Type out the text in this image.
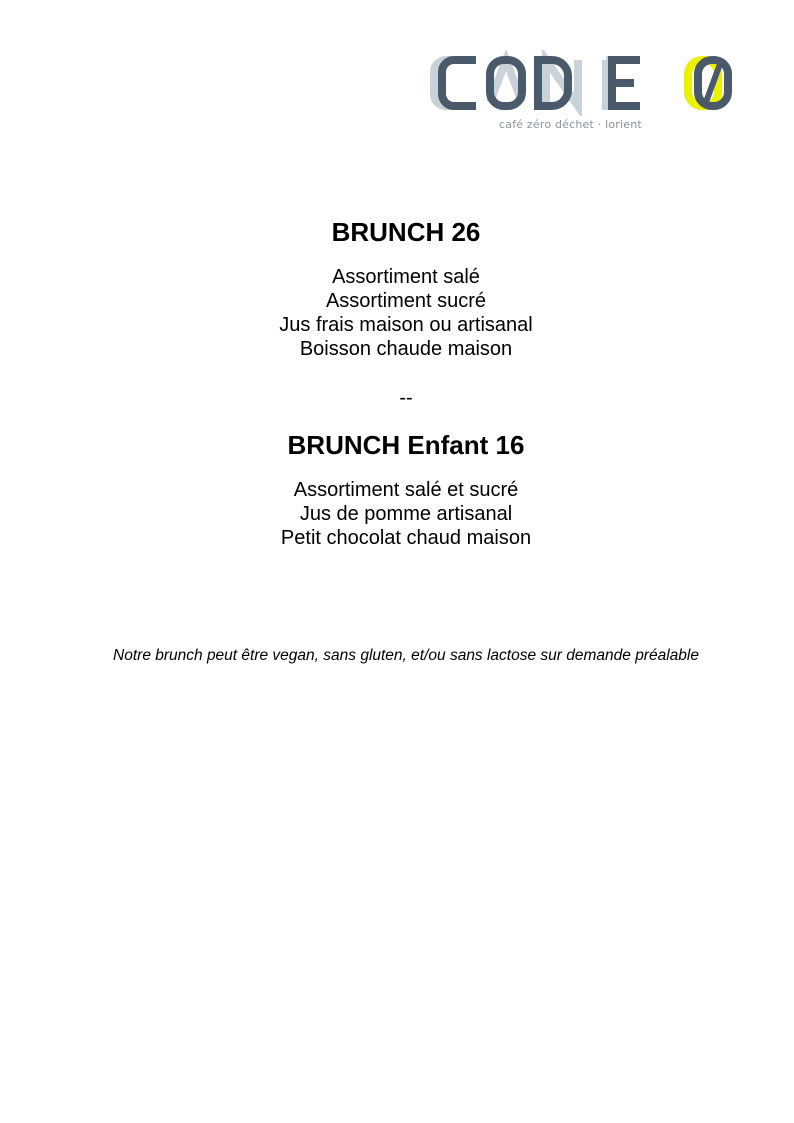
café zéro déchet · lorient
BRUNCH 26
Assortiment salé
Assortiment sucré
Jus frais maison ou artisanal
Boisson chaude maison
--
BRUNCH Enfant 16
Assortiment salé et sucré
Jus de pomme artisanal
Petit chocolat chaud maison
Notre brunch peut être vegan, sans gluten, et/ou sans lactose sur demande préalable
